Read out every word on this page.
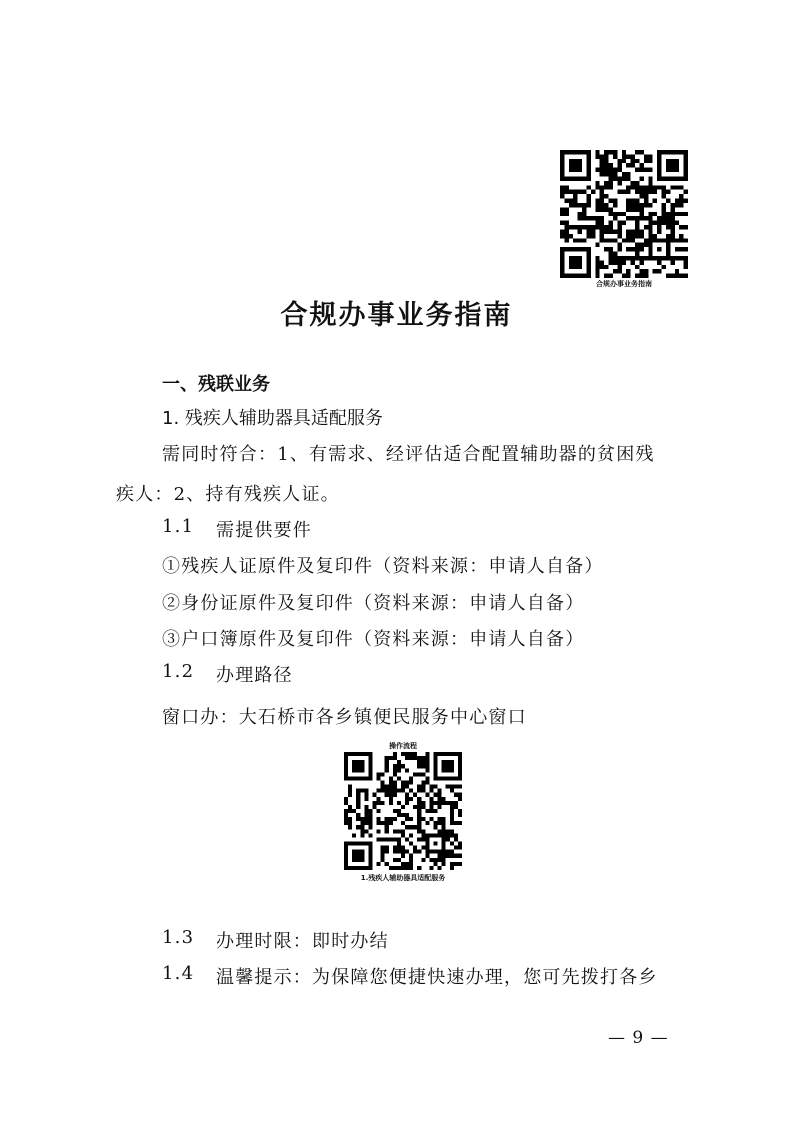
合规办事业务指南
合规办事业务指南
一、残联业务
1. 残疾人辅助器具适配服务
需同时符合：1、有需求、经评估适合配置辅助器的贫困残
疾人：2、持有残疾人证。
1.1 需提供要件
①残疾人证原件及复印件（资料来源：申请人自备）
②身份证原件及复印件（资料来源：申请人自备）
③户口簿原件及复印件（资料来源：申请人自备）
1.2 办理路径
窗口办：大石桥市各乡镇便民服务中心窗口
操作流程
1.残疾人辅助器具适配服务
1.3 办理时限：即时办结
1.4 温馨提示：为保障您便捷快速办理，您可先拨打各乡
— 9 —
